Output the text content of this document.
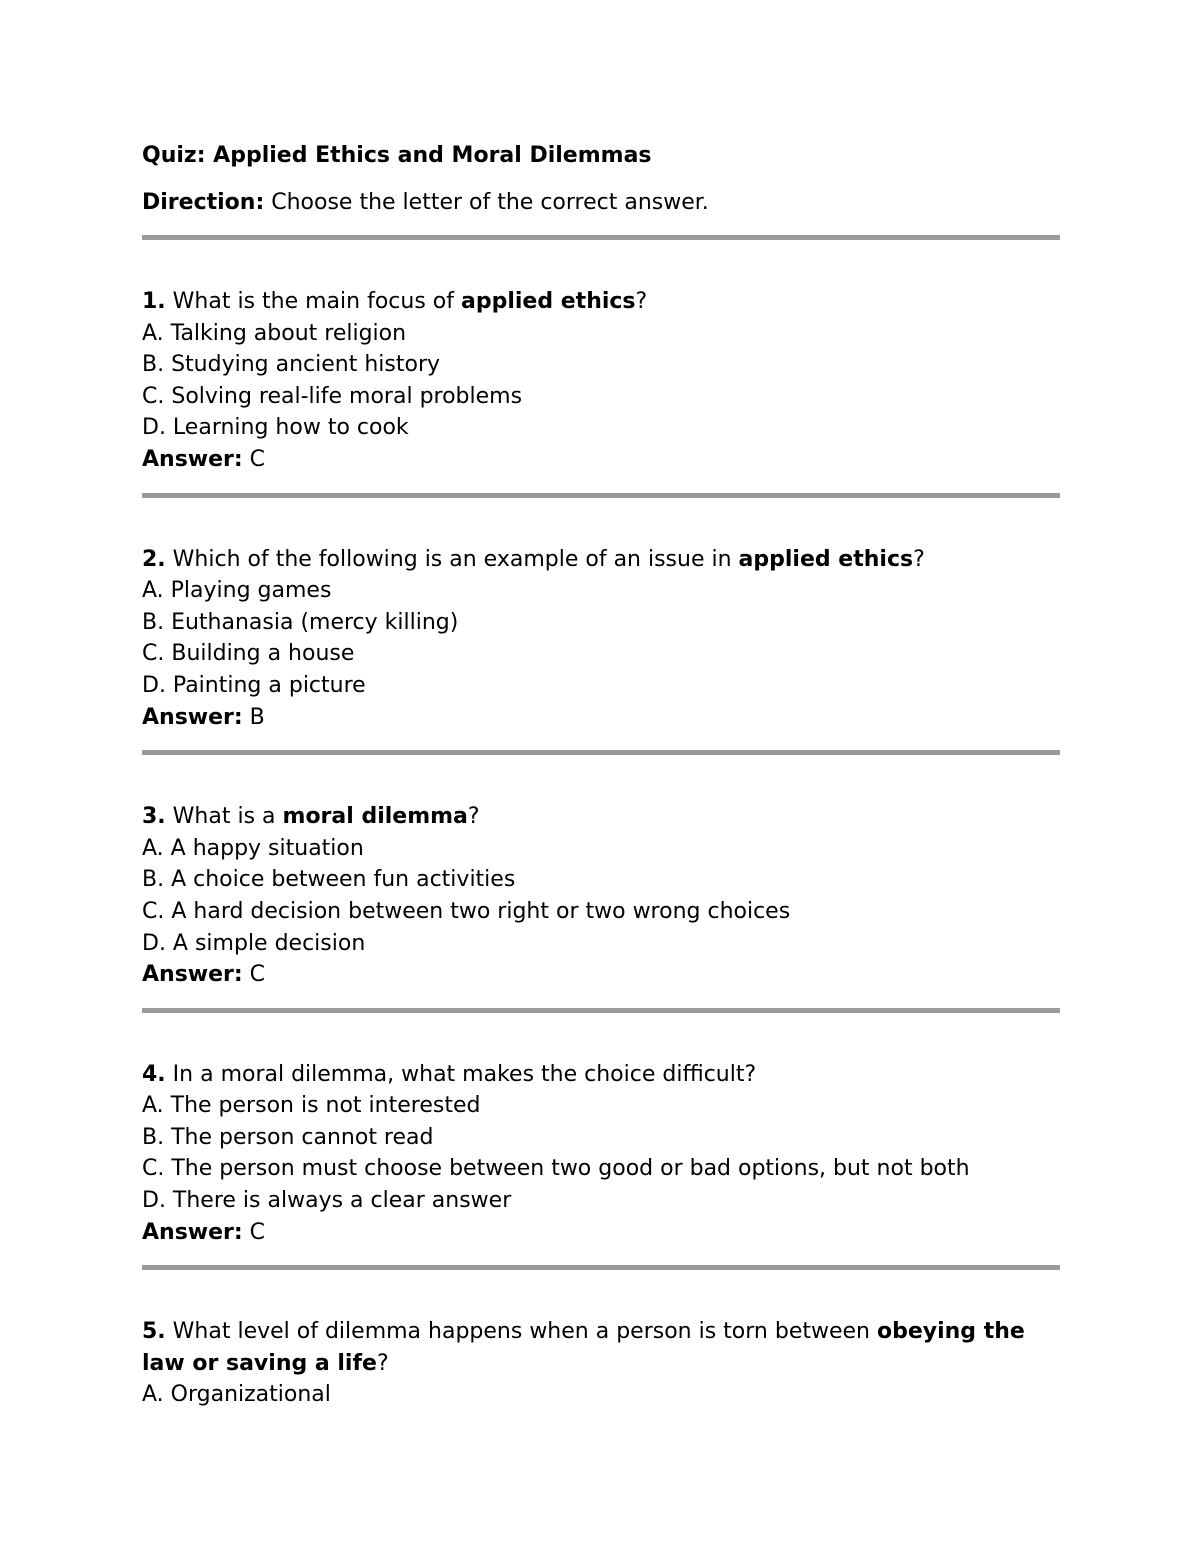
Quiz: Applied Ethics and Moral Dilemmas
Direction: Choose the letter of the correct answer.
1. What is the main focus of applied ethics?
A. Talking about religion
B. Studying ancient history
C. Solving real-life moral problems
D. Learning how to cook
Answer: C
2. Which of the following is an example of an issue in applied ethics?
A. Playing games
B. Euthanasia (mercy killing)
C. Building a house
D. Painting a picture
Answer: B
3. What is a moral dilemma?
A. A happy situation
B. A choice between fun activities
C. A hard decision between two right or two wrong choices
D. A simple decision
Answer: C
4. In a moral dilemma, what makes the choice difficult?
A. The person is not interested
B. The person cannot read
C. The person must choose between two good or bad options, but not both
D. There is always a clear answer
Answer: C
5. What level of dilemma happens when a person is torn between obeying the law or saving a life?
A. Organizational
